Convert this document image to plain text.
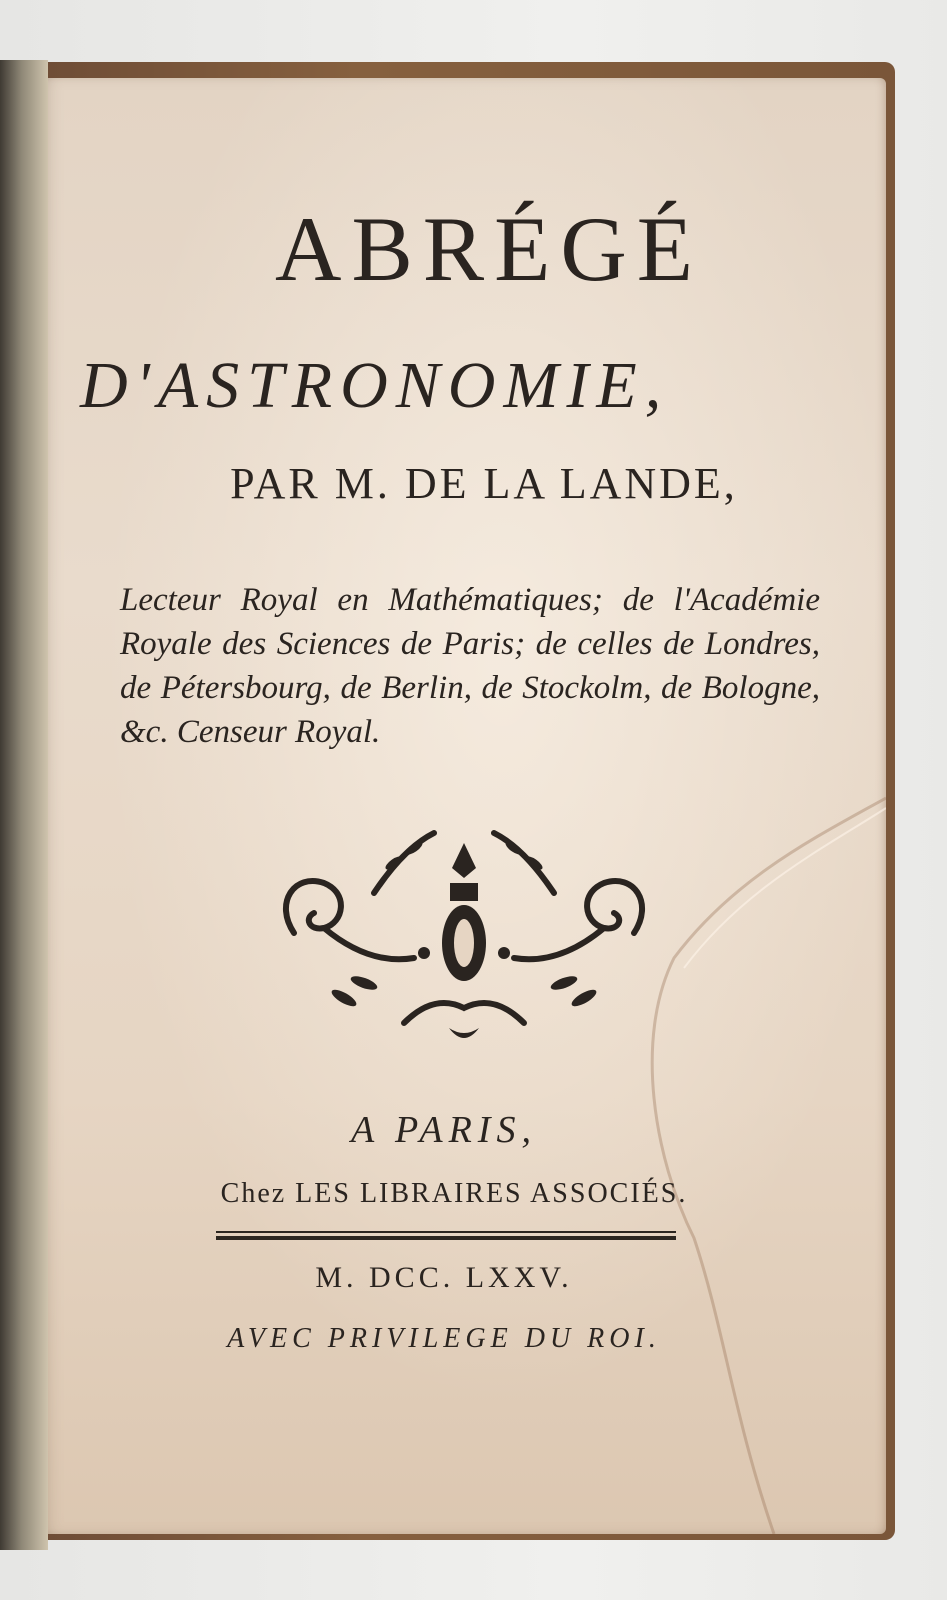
ABRÉGÉ
D'ASTRONOMIE,
PAR M. DE LA LANDE,
Lecteur Royal en Mathématiques; de l'Académie Royale des Sciences de Paris; de celles de Londres, de Pétersbourg, de Berlin, de Stockolm, de Bologne, &c. Censeur Royal.
A PARIS,
Chez LES LIBRAIRES ASSOCIÉS.
M. DCC. LXXV.
AVEC PRIVILEGE DU ROI.
